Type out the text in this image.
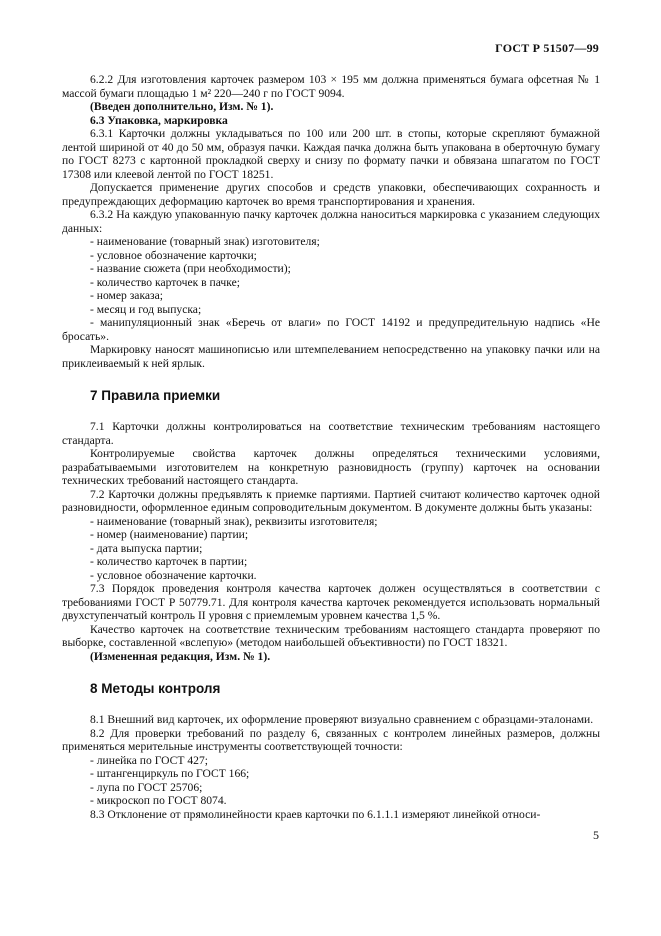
ГОСТ Р 51507—99

6.2.2 Для изготовления карточек размером 103 × 195 мм должна применяться бумага офсетная № 1 массой бумаги площадью 1 м² 220—240 г по ГОСТ 9094.

(Введен дополнительно, Изм. № 1).

6.3 Упаковка, маркировка

6.3.1 Карточки должны укладываться по 100 или 200 шт. в стопы, которые скрепляют бумажной лентой шириной от 40 до 50 мм, образуя пачки. Каждая пачка должна быть упакована в оберточную бумагу по ГОСТ 8273 с картонной прокладкой сверху и снизу по формату пачки и обвязана шпагатом по ГОСТ 17308 или клеевой лентой по ГОСТ 18251.

Допускается применение других способов и средств упаковки, обеспечивающих сохранность и предупреждающих деформацию карточек во время транспортирования и хранения.

6.3.2 На каждую упакованную пачку карточек должна наноситься маркировка с указанием следующих данных:

- наименование (товарный знак) изготовителя;

- условное обозначение карточки;

- название сюжета (при необходимости);

- количество карточек в пачке;

- номер заказа;

- месяц и год выпуска;

- манипуляционный знак «Беречь от влаги» по ГОСТ 14192 и предупредительную надпись «Не бросать».

Маркировку наносят машинописью или штемпелеванием непосредственно на упаковку пачки или на приклеиваемый к ней ярлык.

7 Правила приемки

7.1 Карточки должны контролироваться на соответствие техническим требованиям настоящего стандарта.

Контролируемые свойства карточек должны определяться техническими условиями, разрабатываемыми изготовителем на конкретную разновидность (группу) карточек на основании технических требований настоящего стандарта.

7.2 Карточки должны предъявлять к приемке партиями. Партией считают количество карточек одной разновидности, оформленное единым сопроводительным документом. В документе должны быть указаны:

- наименование (товарный знак), реквизиты изготовителя;

- номер (наименование) партии;

- дата выпуска партии;

- количество карточек в партии;

- условное обозначение карточки.

7.3 Порядок проведения контроля качества карточек должен осуществляться в соответствии с требованиями ГОСТ Р 50779.71. Для контроля качества карточек рекомендуется использовать нормальный двухступенчатый контроль II уровня с приемлемым уровнем качества 1,5 %.

Качество карточек на соответствие техническим требованиям настоящего стандарта проверяют по выборке, составленной «вслепую» (методом наибольшей объективности) по ГОСТ 18321.

(Измененная редакция, Изм. № 1).

8 Методы контроля

8.1 Внешний вид карточек, их оформление проверяют визуально сравнением с образцами-эталонами.

8.2 Для проверки требований по разделу 6, связанных с контролем линейных размеров, должны применяться мерительные инструменты соответствующей точности:

- линейка по ГОСТ 427;

- штангенциркуль по ГОСТ 166;

- лупа по ГОСТ 25706;

- микроскоп по ГОСТ 8074.

8.3 Отклонение от прямолинейности краев карточки по 6.1.1.1 измеряют линейкой относи-

5
